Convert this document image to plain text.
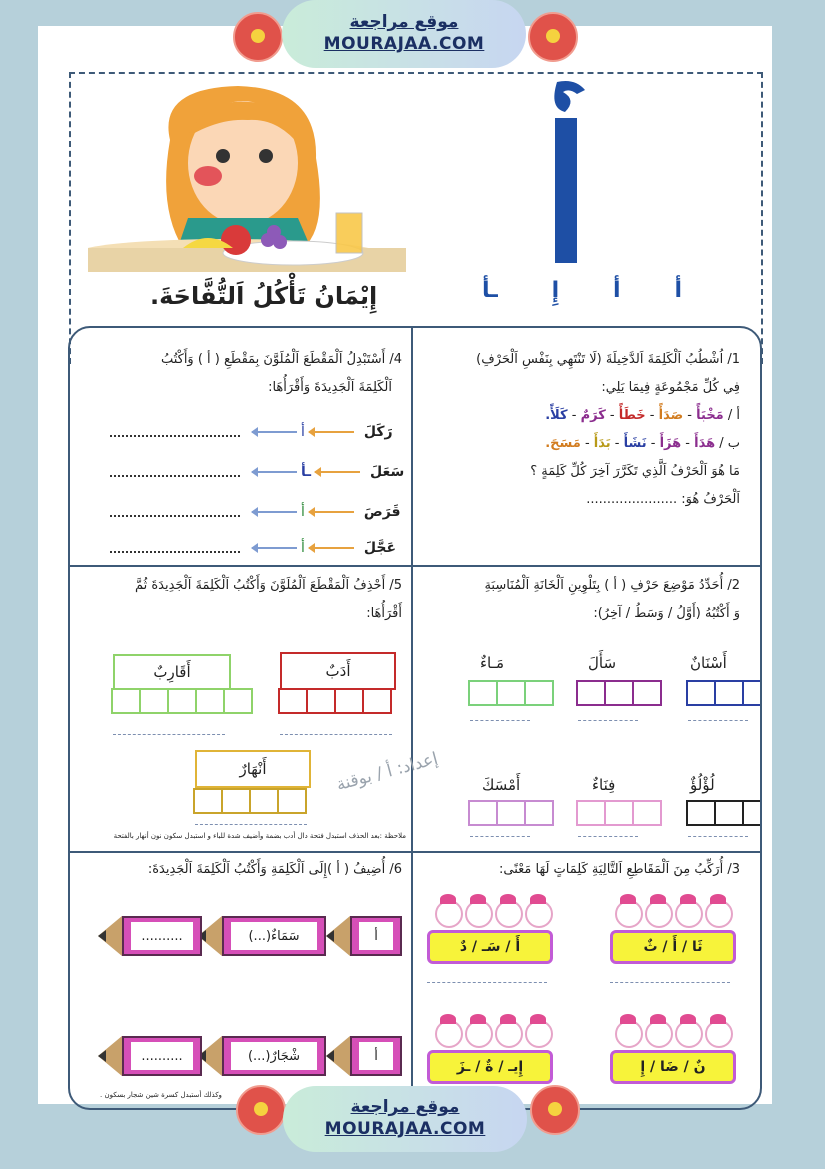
موقع مراجعة
MOURAJAA.COM
أ
أ
إِ
ـأ
إِيْمَانُ تَأْكُلُ اَلتُّفَّاحَةَ.
1/ اُشْطُبُ اَلْكَلِمَةَ اَلدَّخِيلَةَ (لَا تَنْتَهِي بِنَفْسِ اَلْحَرْفِ)
فِي كُلِّ مَجْمُوعَةٍ فِيمَا يَلِي:
أ / مَخْبَأً - صَدَأً - خَطَأً - كَرَمٌ - كَلَأً.
ب / هَدَأَ - هَزَأَ - نَشَأَ - بَدَأَ - مَسَحَ.
مَا هُوَ اَلْحَرْفُ اَلَّذِي تَكَرَّرَ آخِرَ كُلِّ كَلِمَةٍ ؟
اَلْحَرْفُ هُوَ: ......................
4/ أَسْتَبْدِلُ اَلْمَقْطَعَ اَلْمُلَوَّنَ بِمَقْطَعِ ( أ ) وَأَكْتُبُ
اَلْكَلِمَةَ اَلْجَدِيدَةَ وَأَقْرَأُهَا:
أ	رَكَلَ
ـأ	سَعَلَ
أ	قَرَصَ
أ	عَجَّلَ
2/ أُحَدِّدُ مَوْضِعَ حَرْفِ ( أ ) بِتَلْوِينِ اَلْخَانَةِ اَلْمُنَاسِبَةِ
وَ أَكْتُبُهُ (أَوَّلُ / وَسَطُ / آخِرُ):
أَسْنَانٌ
سَأَلَ
مَـاءٌ
لُؤْلُؤٌ
فِنَاءٌ
أَمْسَكَ
5/ أَحْذِفُ اَلْمَقْطَعَ اَلْمُلَوَّنَ وَأَكْتُبُ اَلْكَلِمَةَ اَلْجَدِيدَةَ ثُمَّ
أَقْرَأُهَا:
أَدَبٌ
أَقَارِبٌ
أَنْهَارٌ
3/ أُرَكِّبُ مِنَ اَلْمَقَاطِعِ اَلتَّالِيَةِ كَلِمَاتٍ لَهَا مَعْنًى:
ثَا / أَ / ثٌ
أَ / سَـ / دٌ
نٌ / ضَا / إِ
إِيـ / ةٌ / ـزَ
6/ أُضِيفُ ( أ )إِلَى اَلْكَلِمَةِ وَأَكْتُبُ اَلْكَلِمَةَ اَلْجَدِيدَةَ:
أ
(...)سَمَاءٌ
..........
أ
(...)شْجَارٌ
..........
إعداد: أ / بوقنة
ملاحظة :بعد الحذف استبدل فتحة دال أدب بضمة وأضيف شدة للباء و استبدل سكون نون أنهار بالفتحة
وكذلك أستبدل كسرة شين شجار بسكون .
موقع مراجعة
MOURAJAA.COM
